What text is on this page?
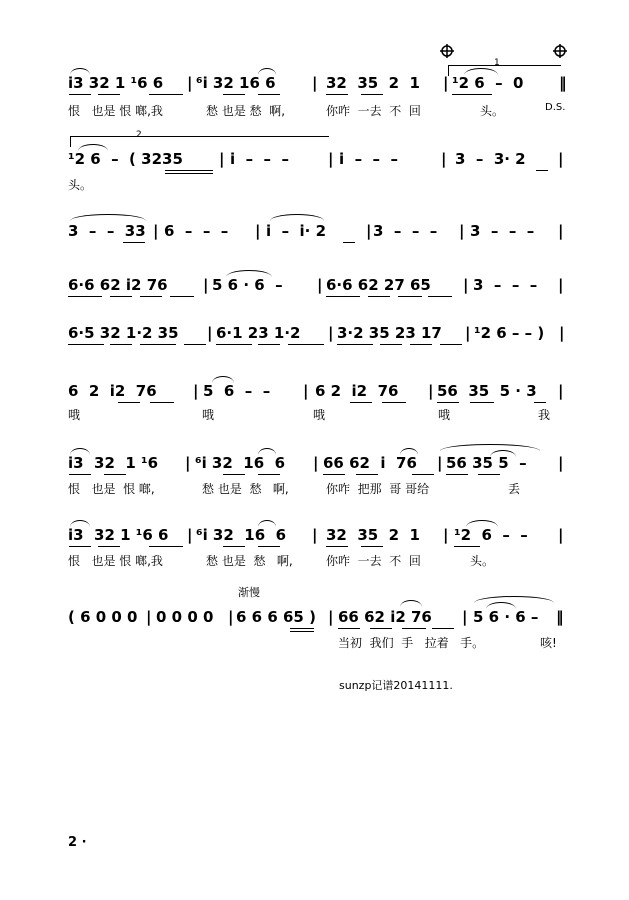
1
i3 32 1 ¹6 6 | ⁶i 32 16 6 | 32  35  2  1 | ¹2 6  –  0 ‖
恨   也是 恨 啷,我	愁 也是 愁  啊,	你咋  一去  不  回	头。	D.S.
2
¹2 6  –  ( 3235 | i  –  –  –	| i  –  –  –	| 3  –  3· 2 |
头。
3  –  –  33 | 6  –  –  – | i  –  i· 2	| 3  –  –  – | 3  –  –  – |
6·6 62 i2 76 | 5 6 · 6  – | 6·6 62 27 65 | 3  –  –  – |
6·5 32 1·2 35 | 6·1 23 1·2 | 3·2 35 23 17 | ¹2 6 – – ) |
6  2  i2  76 | 5  6  –  – | 6 2  i2  76 | 56  35  5 · 3 |
哦	哦	哦	哦	我
i3  32  1 ¹6 | ⁶i 32  16  6 | 66 62  i  76 | 56 35 5  – |
恨   也是  恨 啷,	愁 也是  愁   啊,	你咋  把那  哥 哥给	丢
i3  32 1 ¹6 6 | ⁶i 32  16  6 | 32  35  2  1 | ¹2  6  –  – |
恨   也是 恨 啷,我	愁 也是  愁   啊,	你咋  一去  不  回	头。
渐慢
( 6 0 0 0 | 0 0 0 0 | 6 6 6 65 ) | 66 62 i2 76 | 5 6 · 6 – ‖
当初  我们  手   拉着   手。	咳!
sunzp记谱20141111.
2 ·
